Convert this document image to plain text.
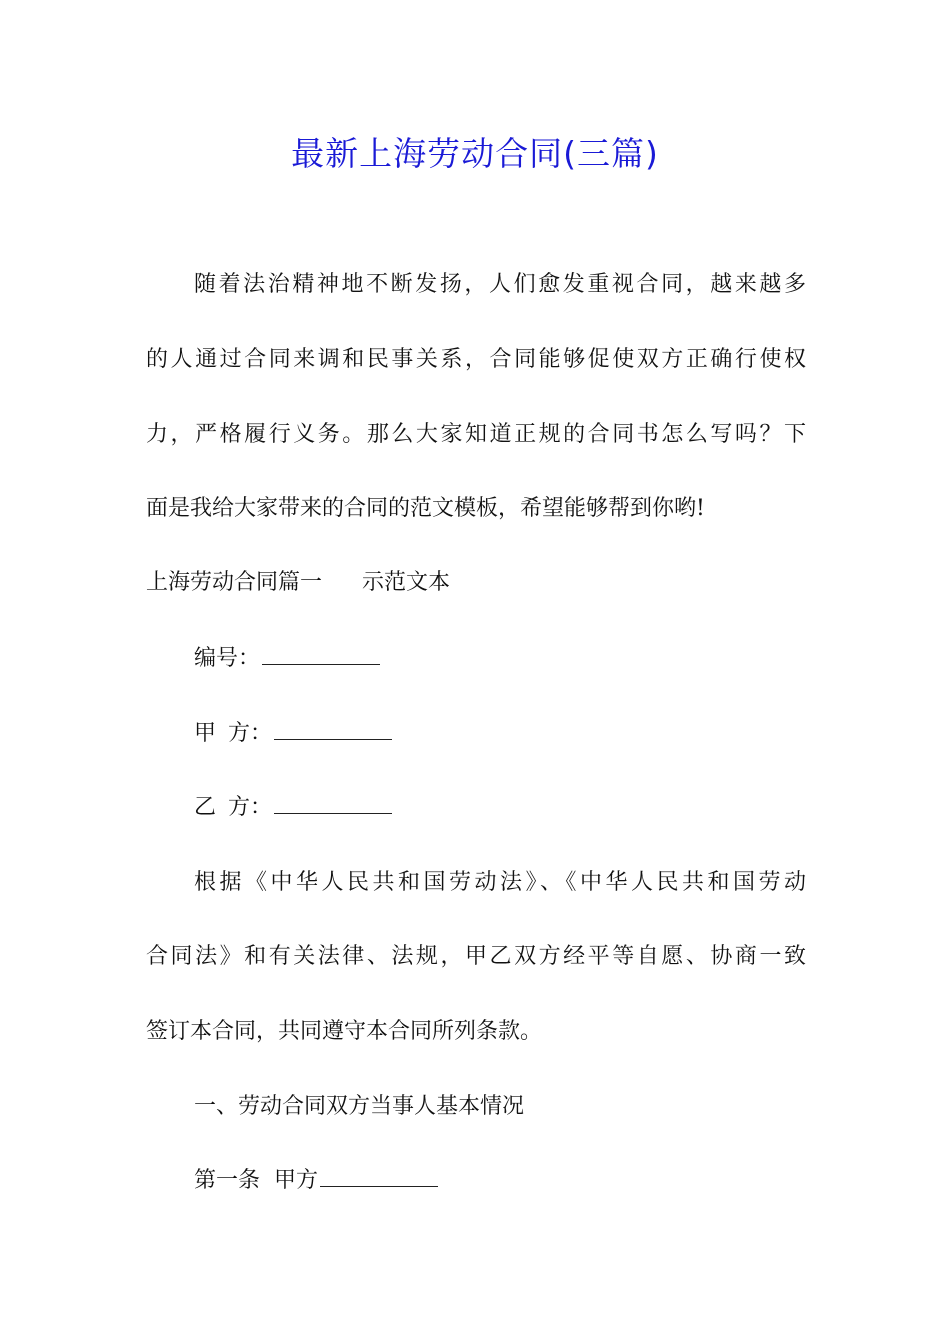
最新上海劳动合同(三篇)
随着法治精神地不断发扬，人们愈发重视合同，越来越多
的人通过合同来调和民事关系，合同能够促使双方正确行使权
力，严格履行义务。那么大家知道正规的合同书怎么写吗？下
面是我给大家带来的合同的范文模板，希望能够帮到你哟!
上海劳动合同篇一 示范文本
编号：
甲方：
乙方：
根据《中华人民共和国劳动法》、《中华人民共和国劳动
合同法》和有关法律、法规，甲乙双方经平等自愿、协商一致
签订本合同，共同遵守本合同所列条款。
一、劳动合同双方当事人基本情况
第一条  甲方
